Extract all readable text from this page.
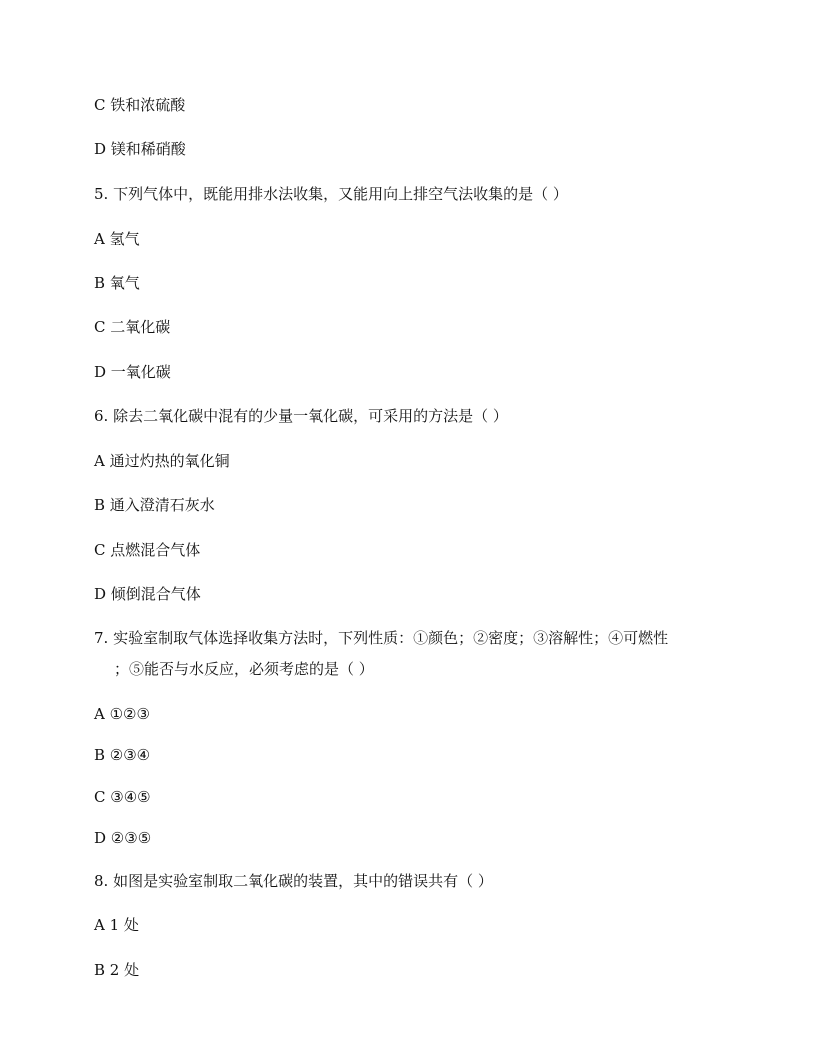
C 铁和浓硫酸
D 镁和稀硝酸
5. 下列气体中，既能用排水法收集，又能用向上排空气法收集的是（ ）
A 氢气
B 氧气
C 二氧化碳
D 一氧化碳
6. 除去二氧化碳中混有的少量一氧化碳，可采用的方法是（ ）
A 通过灼热的氧化铜
B 通入澄清石灰水
C 点燃混合气体
D 倾倒混合气体
7. 实验室制取气体选择收集方法时，下列性质：①颜色；②密度；③溶解性；④可燃性
；⑤能否与水反应，必须考虑的是（ ）
A ①②③
B ②③④
C ③④⑤
D ②③⑤
8. 如图是实验室制取二氧化碳的装置，其中的错误共有（ ）
A 1 处
B 2 处
